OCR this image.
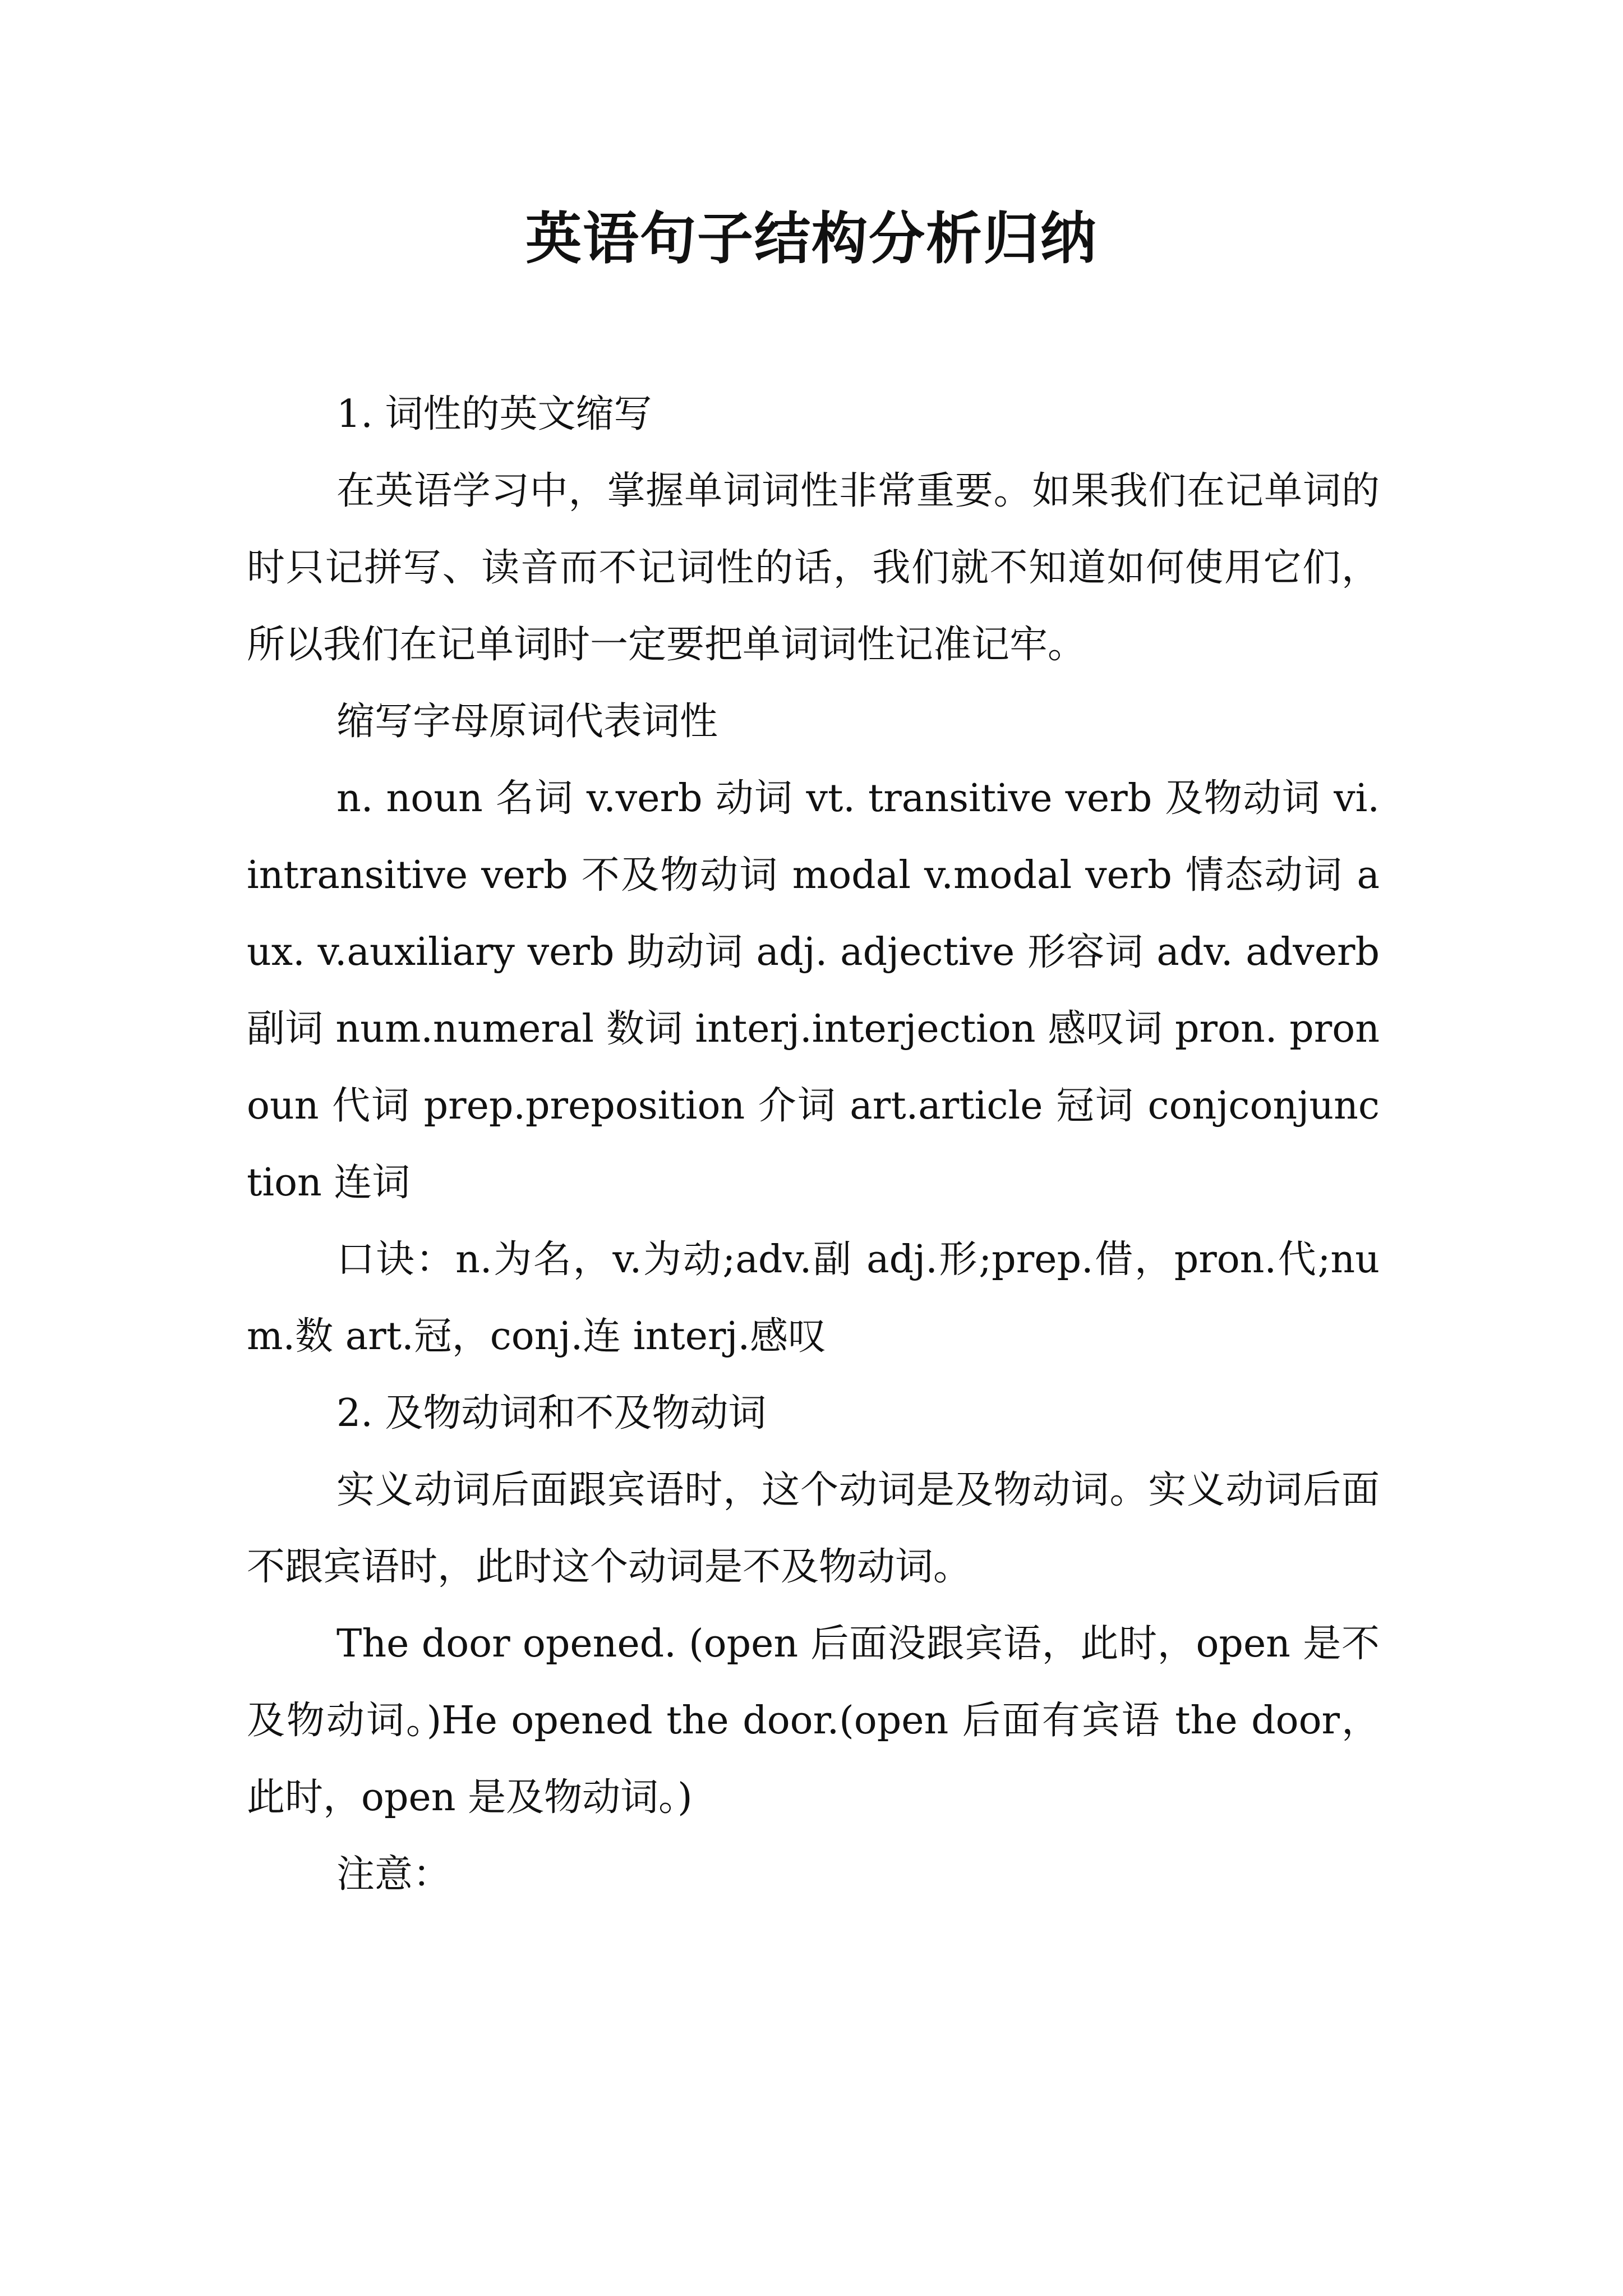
英语句子结构分析归纳

1. 词性的英文缩写

在英语学习中，掌握单词词性非常重要。如果我们在记单词的时只记拼写、读音而不记词性的话，我们就不知道如何使用它们，所以我们在记单词时一定要把单词词性记准记牢。

缩写字母原词代表词性

n. noun 名词 v.verb 动词 vt. transitive verb 及物动词 vi. intransitive verb 不及物动词 modal v.modal verb 情态动词 aux. v.auxiliary verb 助动词 adj. adjective 形容词 adv. adverb 副词 num.numeral 数词 interj.interjection 感叹词 pron. pronoun 代词 prep.preposition 介词 art.article 冠词 conjconjunction 连词

口诀：n.为名，v.为动;adv.副 adj.形;prep.借，pron.代;num.数 art.冠，conj.连 interj.感叹

2. 及物动词和不及物动词

实义动词后面跟宾语时，这个动词是及物动词。实义动词后面不跟宾语时，此时这个动词是不及物动词。

The door opened. (open 后面没跟宾语，此时，open 是不及物动词。)He opened the door.(open 后面有宾语 the door，此时，open 是及物动词。)

注意：
